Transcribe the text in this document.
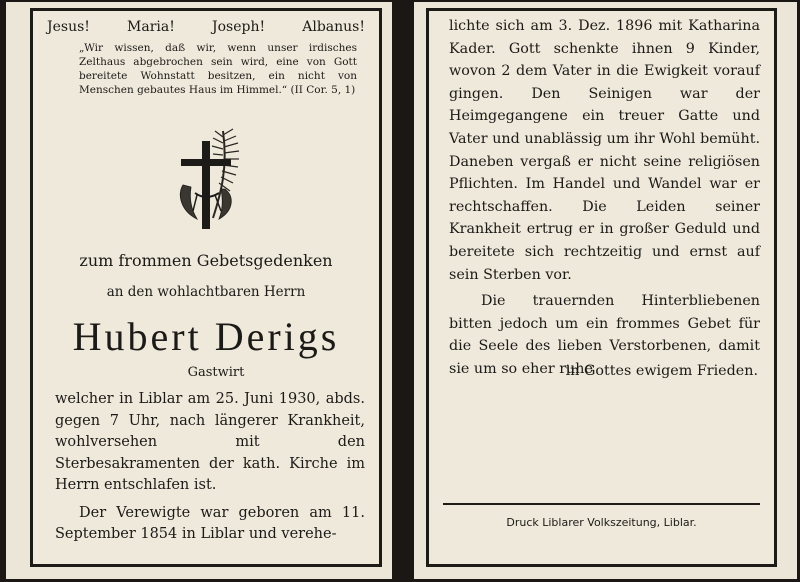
Jesus!	Maria!	Joseph!	Albanus!
„Wir wissen, daß wir, wenn unser irdisches Zelthaus abgebrochen sein wird, eine von Gott bereitete Wohnstatt besitzen, ein nicht von Menschen gebautes Haus im Himmel.“ (II Cor. 5, 1)
zum frommen Gebetsgedenken
an den wohlachtbaren Herrn
Hubert Derigs
Gastwirt

welcher in Liblar am 25. Juni 1930, abds. gegen 7 Uhr, nach längerer Krankheit, wohlversehen mit den Sterbesakramenten der kath. Kirche im Herrn entschlafen ist.

Der Verewigte war geboren am 11. September 1854 in Liblar und verehe-

lichte sich am 3. Dez. 1896 mit Katharina Kader. Gott schenkte ihnen 9 Kinder, wovon 2 dem Vater in die Ewigkeit vorauf gingen. Den Seinigen war der Heimgegangene ein treuer Gatte und Vater und unablässig um ihr Wohl bemüht. Daneben vergaß er nicht seine religiösen Pflichten. Im Handel und Wandel war er rechtschaffen. Die Leiden seiner Krankheit ertrug er in großer Geduld und bereitete sich rechtzeitig und ernst auf sein Sterben vor.

Die trauernden Hinterbliebenen bitten jedoch um ein frommes Gebet für die Seele des lieben Verstorbenen, damit sie um so eher ruhe

in Gottes ewigem Frieden.
Druck Liblarer Volkszeitung, Liblar.
